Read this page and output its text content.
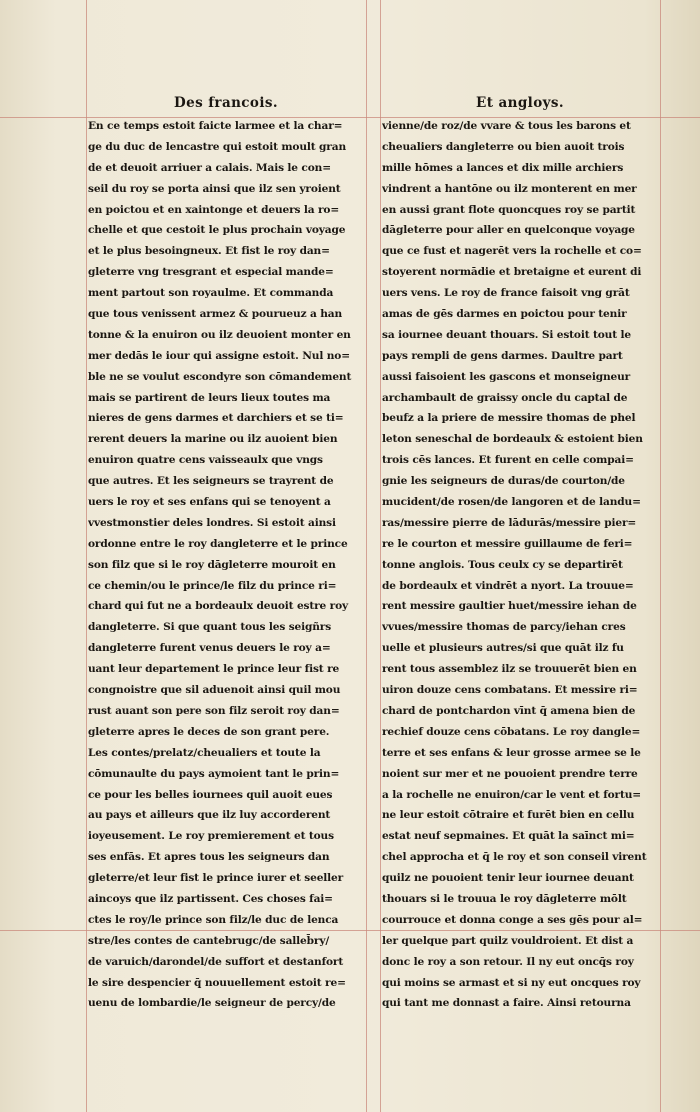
Des francois.
En ce temps estoit faicte larmee et la char=
ge du duc de lencastre qui estoit moult gran
de et deuoit arriuer a calais. Mais le con=
seil du roy se porta ainsi que ilz sen yroient
en poictou et en xaintonge et deuers la ro=
chelle et que cestoit le plus prochain voyage
et le plus besoingneux. Et fist le roy dan=
gleterre vng tresgrant et especial mande=
ment partout son royaulme. Et commanda
que tous venissent armez & pourueuz a han
tonne & la enuiron ou ilz deuoient monter en
mer dedās le iour qui assigne estoit. Nul no=
ble ne se voulut escondyre son cōmandement
mais se partirent de leurs lieux toutes ma
nieres de gens darmes et darchiers et se ti=
rerent deuers la marine ou ilz auoient bien
enuiron quatre cens vaisseaulx que vngs
que autres. Et les seigneurs se trayrent de
uers le roy et ses enfans qui se tenoyent a
vvestmonstier deles londres. Si estoit ainsi
ordonne entre le roy dangleterre et le prince
son filz que si le roy dāgleterre mouroit en
ce chemin/ou le prince/le filz du prince ri=
chard qui fut ne a bordeaulx deuoit estre roy
dangleterre. Si que quant tous les seigñrs
dangleterre furent venus deuers le roy a=
uant leur departement le prince leur fist re
congnoistre que sil aduenoit ainsi quil mou
rust auant son pere son filz seroit roy dan=
gleterre apres le deces de son grant pere.
Les contes/prelatz/cheualiers et toute la
cōmunaulte du pays aymoient tant le prin=
ce pour les belles iournees quil auoit eues
au pays et ailleurs que ilz luy accorderent
ioyeusement. Le roy premierement et tous
ses enfās. Et apres tous les seigneurs dan
gleterre/et leur fist le prince iurer et seeller
aincoys que ilz partissent. Ces choses fai=
ctes le roy/le prince son filz/le duc de lenca
stre/les contes de cantebrugc/de salleb̄ry/
de varuich/darondel/de suffort et destanfort
le sire despencier q̄ nouuellement estoit re=
uenu de lombardie/le seigneur de percy/de
Et angloys.
vienne/de roz/de vvare & tous les barons et
cheualiers dangleterre ou bien auoit trois
mille hōmes a lances et dix mille archiers
vindrent a hantōne ou ilz monterent en mer
en aussi grant flote quoncques roy se partit
dāgleterre pour aller en quelconque voyage
que ce fust et nagerēt vers la rochelle et co=
stoyerent normādie et bretaigne et eurent di
uers vens. Le roy de france faisoit vng grāt
amas de gēs darmes en poictou pour tenir
sa iournee deuant thouars. Si estoit tout le
pays rempli de gens darmes. Daultre part
aussi faisoient les gascons et monseigneur
archambault de graissy oncle du captal de
beufz a la priere de messire thomas de phel
leton seneschal de bordeaulx & estoient bien
trois cēs lances. Et furent en celle compai=
gnie les seigneurs de duras/de courton/de
mucident/de rosen/de langoren et de landu=
ras/messire pierre de lādurās/messire pier=
re le courton et messire guillaume de feri=
tonne anglois. Tous ceulx cy se departirēt
de bordeaulx et vindrēt a nyort. La trouue=
rent messire gaultier huet/messire iehan de
vvues/messire thomas de parcy/iehan cres
uelle et plusieurs autres/si que quāt ilz fu
rent tous assemblez ilz se trouuerēt bien en
uiron douze cens combatans. Et messire ri=
chard de pontchardon vīnt q̄ amena bien de
rechief douze cens cōbatans. Le roy dangle=
terre et ses enfans & leur grosse armee se le
noient sur mer et ne pouoient prendre terre
a la rochelle ne enuiron/car le vent et fortu=
ne leur estoit cōtraire et furēt bien en cellu
estat neuf sepmaines. Et quāt la saīnct mi=
chel approcha et q̄ le roy et son conseil virent
quilz ne pouoient tenir leur iournee deuant
thouars si le trouua le roy dāgleterre mōlt
courrouce et donna conge a ses gēs pour al=
ler quelque part quilz vouldroient. Et dist a
donc le roy a son retour. Il ny eut oncq̄s roy
qui moins se armast et si ny eut oncques roy
qui tant me donnast a faire. Ainsi retourna
